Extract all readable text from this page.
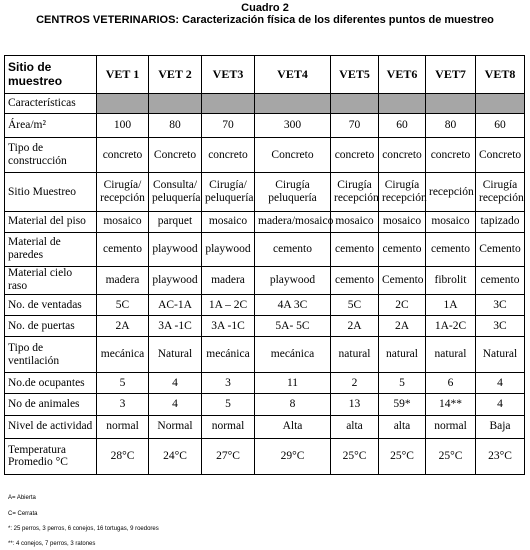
Cuadro 2
CENTROS VETERINARIOS: Caracterización física de los diferentes puntos de muestreo
Sitio de muestreo	VET 1	VET 2	VET3	VET4	VET5	VET6	VET7	VET8
Características								
Área/m²	100	80	70	300	70	60	80	60
Tipo de construcción	concreto	Concreto	concreto	Concreto	concreto	concreto	concreto	Concreto
Sitio Muestreo	Cirugía/ recepción	Consulta/ peluquería	Cirugía/ peluquería	Cirugía peluquería	Cirugía recepción	Cirugía recepción	recepción	Cirugía recepción
Material del piso	mosaico	parquet	mosaico	madera/mosaico	mosaico	mosaico	mosaico	tapizado
Material de paredes	cemento	playwood	playwood	cemento	cemento	cemento	cemento	Cemento
Material cielo raso	madera	playwood	madera	playwood	cemento	Cemento	fibrolit	cemento
No. de ventadas	5C	AC-1A	1A – 2C	4A 3C	5C	2C	1A	3C
No. de puertas	2A	3A -1C	3A -1C	5A- 5C	2A	2A	1A-2C	3C
Tipo de ventilación	mecánica	Natural	mecánica	mecánica	natural	natural	natural	Natural
No.de ocupantes	5	4	3	11	2	5	6	4
No de animales	3	4	5	8	13	59*	14**	4
Nivel de actividad	normal	Normal	normal	Alta	alta	alta	normal	Baja
Temperatura Promedio °C	28°C	24°C	27°C	29°C	25°C	25°C	25°C	23°C
A= Abierta
C= Cerrata
*: 25 perros, 3 perros, 6 conejos, 16 tortugas, 9 roedores
**: 4 conejos, 7 perros, 3 ratones
